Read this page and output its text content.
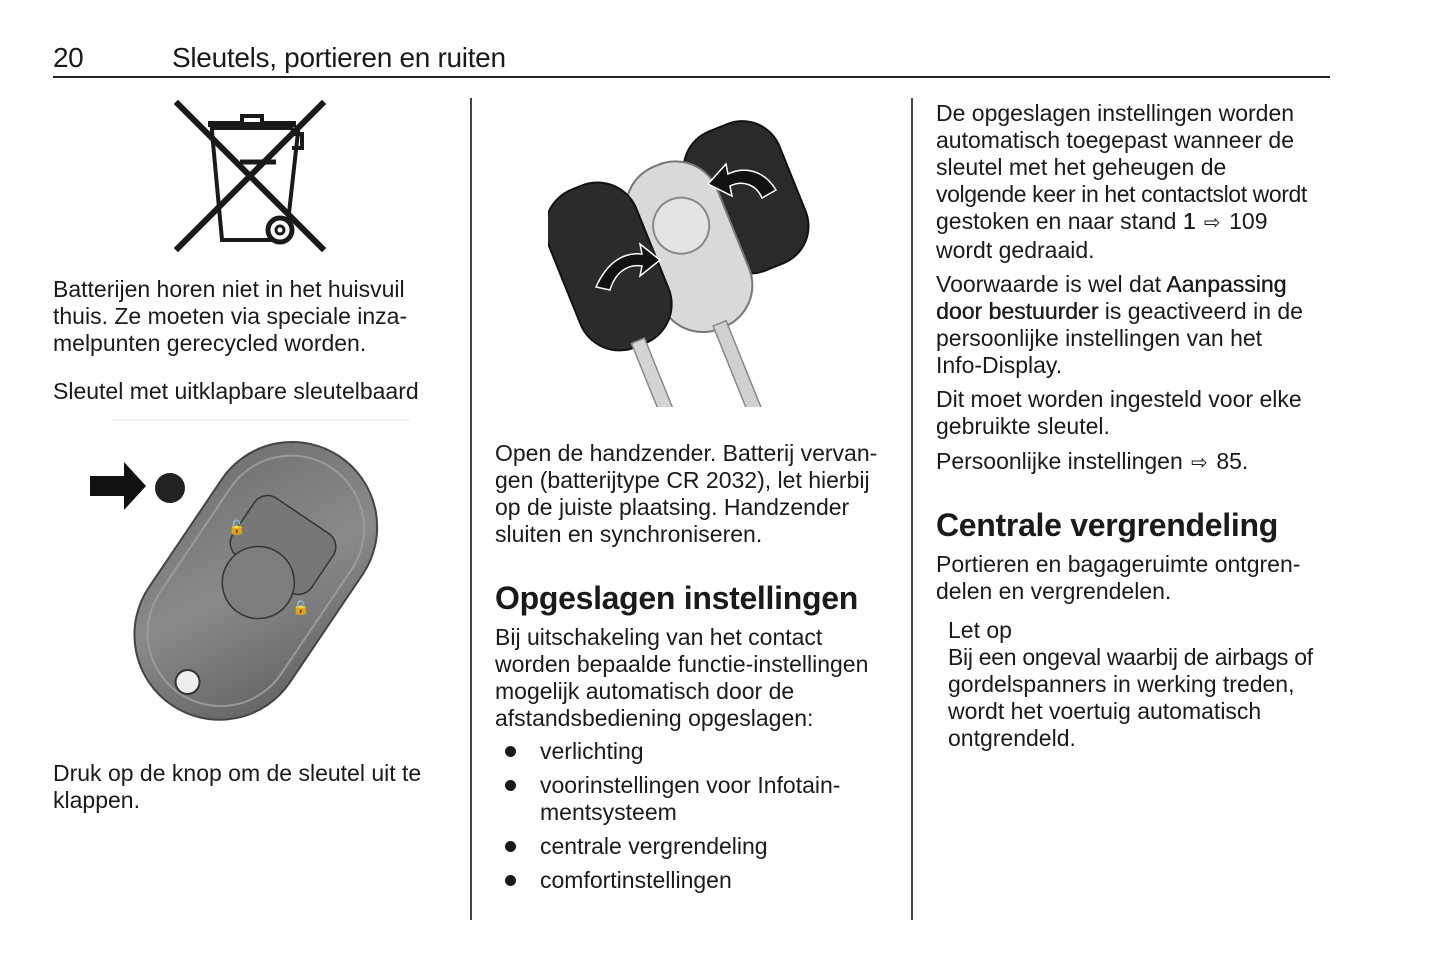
20	Sleutels, portieren en ruiten
Batterijen horen niet in het huisvuil
thuis. Ze moeten via speciale inza-
melpunten gerecycled worden.
Sleutel met uitklapbare sleutelbaard
🔓
🔒
Druk op de knop om de sleutel uit te
klappen.
Open de handzender. Batterij vervan-
gen (batterijtype CR 2032), let hierbij
op de juiste plaatsing. Handzender
sluiten en synchroniseren.
Opgeslagen instellingen
Bij uitschakeling van het contact
worden bepaalde functie-instellingen
mogelijk automatisch door de
afstandsbediening opgeslagen:
verlichting
voorinstellingen voor Infotain-
mentsysteem
centrale vergrendeling
comfortinstellingen
De opgeslagen instellingen worden
automatisch toegepast wanneer de
sleutel met het geheugen de
volgende keer in het contactslot wordt
gestoken en naar stand 1 ⇨ 109
wordt gedraaid.
Voorwaarde is wel dat Aanpassing
door bestuurder is geactiveerd in de
persoonlijke instellingen van het
Info-Display.
Dit moet worden ingesteld voor elke
gebruikte sleutel.
Persoonlijke instellingen ⇨ 85.
Centrale vergrendeling
Portieren en bagageruimte ontgren-
delen en vergrendelen.
Let op
Bij een ongeval waarbij de airbags of
gordelspanners in werking treden,
wordt het voertuig automatisch
ontgrendeld.
